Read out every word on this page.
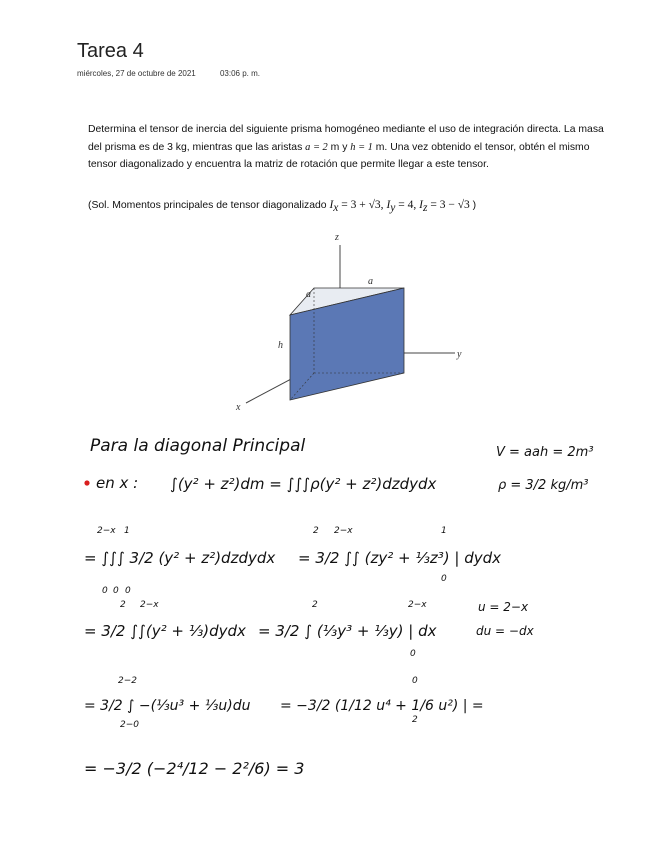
Tarea 4
miércoles, 27 de octubre de 2021	03:06 p. m.
Determina el tensor de inercia del siguiente prisma homogéneo mediante el uso de integración directa. La masa del prisma es de 3 kg, mientras que las aristas a = 2 m y h = 1 m. Una vez obtenido el tensor, obtén el mismo tensor diagonalizado y encuentra la matriz de rotación que permite llegar a este tensor.
(Sol. Momentos principales de tensor diagonalizado $I_x = 3 + √3$, $I_y = 4$, $I_z = 3 - √3$ )
z
y
x
a
a
h
Para la diagonal Principal	V = aah = 2m³
en x : ∫(y² + z²)dm = ∫∫∫ρ(y² + z²)dzdydx	ρ = 3/2 kg/m³
2−x 1
0 0 0
= ∫∫∫ 3/2 (y² + z²)dzdydx = 3/2 ∫∫ (zy² + ⅓z³) | dydx
2 2−x	1
0
2 2−x
= 3/2 ∫∫(y² + ⅓)dydx = 3/2 ∫ (⅓y³ + ⅓y) | dx
2	2−x
0
u = 2−x
du = −dx
2−2
2−0
= 3/2 ∫ −(⅓u³ + ⅓u)du = −3/2 (1/12 u⁴ + 1/6 u²) | =
0
2
= −3/2 (−2⁴/12 − 2²/6) = 3
